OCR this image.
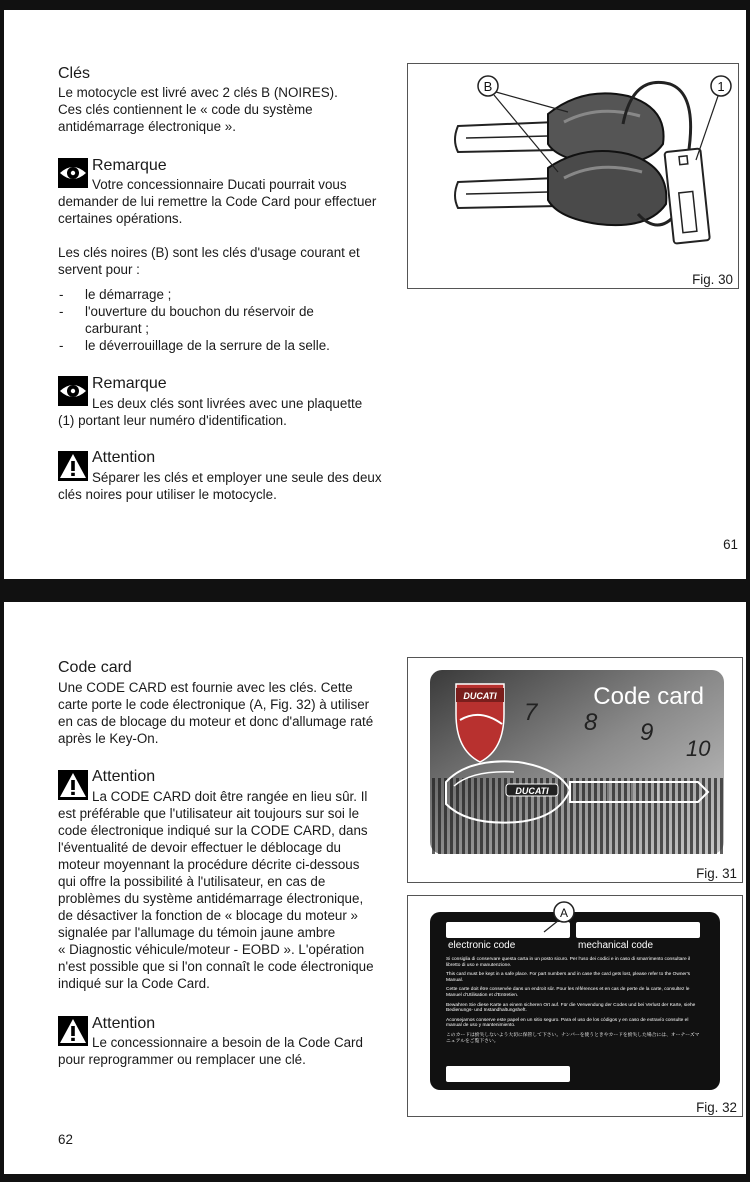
Clés
Le motocycle est livré avec 2 clés B (NOIRES).
Ces clés contiennent le « code du système
antidémarrage électronique ».
Remarque
Votre concessionnaire Ducati pourrait vous
demander de lui remettre la Code Card pour effectuer
certaines opérations.
Les clés noires (B) sont les clés d'usage courant et
servent pour :
- le démarrage ;
- l'ouverture du bouchon du réservoir de
carburant ;
- le déverrouillage de la serrure de la selle.
Remarque
Les deux clés sont livrées avec une plaquette
(1) portant leur numéro d'identification.
Attention
Séparer les clés et employer une seule des deux
clés noires pour utiliser le motocycle.
B	1
Fig. 30
61
Code card
Une CODE CARD est fournie avec les clés. Cette
carte porte le code électronique (A, Fig. 32) à utiliser
en cas de blocage du moteur et donc d'allumage raté
après le Key-On.
Attention
La CODE CARD doit être rangée en lieu sûr. Il
est préférable que l'utilisateur ait toujours sur soi le
code électronique indiqué sur la CODE CARD, dans
l'éventualité de devoir effectuer le déblocage du
moteur moyennant la procédure décrite ci-dessous
qui offre la possibilité à l'utilisateur, en cas de
problèmes du système antidémarrage électronique,
de désactiver la fonction de « blocage du moteur »
signalée par l'allumage du témoin jaune ambre
« Diagnostic véhicule/moteur - EOBD ». L'opération
n'est possible que si l'on connaît le code électronique
indiqué sur la Code Card.
Attention
Le concessionnaire a besoin de la Code Card
pour reprogrammer ou remplacer une clé.
DUCATI	Code card
7 8 9
10
DUCATI
Fig. 31
A
electronic code	mechanical code
Si consiglia di conservare questa carta in un posto sicuro. Per l'uso dei codici e in caso di smarrimento consultare il libretto di uso e manutenzione.
This card must be kept in a safe place. For part numbers and in case the card gets lost, please refer to the Owner's Manual.
Cette carte doit être conservée dans un endroit sûr. Pour les références et en cas de perte de la carte, consultez le Manuel d'Utilisation et d'Entretien.
Bewahren Sie diese Karte an einem sicheren Ort auf. Für die Verwendung der Codes und bei Verlust der Karte, siehe Bedienungs- und Instandhaltungsheft.
Aconsejamos conserve este papel en un sitio seguro. Para el uso de los códigos y en caso de extravío consulte el manual de uso y mantenimiento.
このカードは紛失しないよう大切に保管して下さい。ナンバーを使うときやカードを紛失した場合には、オーナーズマニュアルをご覧下さい。
Fig. 32
62
